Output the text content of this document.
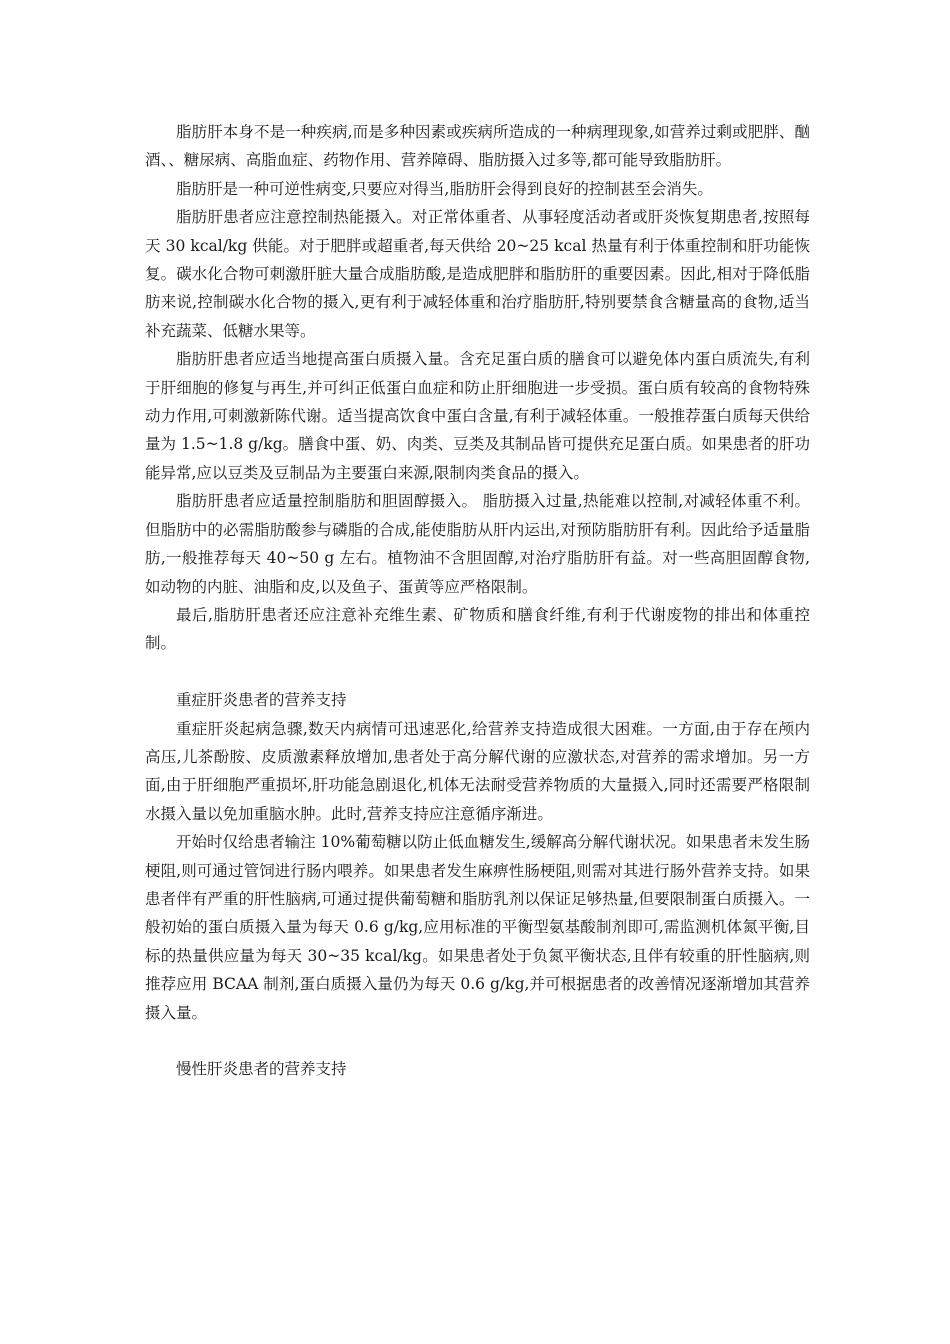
脂肪肝本身不是一种疾病,而是多种因素或疾病所造成的一种病理现象,如营养过剩或肥胖、酗酒、、糖尿病、高脂血症、药物作用、营养障碍、脂肪摄入过多等,都可能导致脂肪肝。

脂肪肝是一种可逆性病变,只要应对得当,脂肪肝会得到良好的控制甚至会消失。

脂肪肝患者应注意控制热能摄入。对正常体重者、从事轻度活动者或肝炎恢复期患者,按照每天 30 kcal/kg 供能。对于肥胖或超重者,每天供给 20~25 kcal 热量有利于体重控制和肝功能恢复。碳水化合物可刺激肝脏大量合成脂肪酸,是造成肥胖和脂肪肝的重要因素。因此,相对于降低脂肪来说,控制碳水化合物的摄入,更有利于减轻体重和治疗脂肪肝,特别要禁食含糖量高的食物,适当补充蔬菜、低糖水果等。

脂肪肝患者应适当地提高蛋白质摄入量。含充足蛋白质的膳食可以避免体内蛋白质流失,有利于肝细胞的修复与再生,并可纠正低蛋白血症和防止肝细胞进一步受损。蛋白质有较高的食物特殊动力作用,可刺激新陈代谢。适当提高饮食中蛋白含量,有利于减轻体重。一般推荐蛋白质每天供给量为 1.5~1.8 g/kg。膳食中蛋、奶、肉类、豆类及其制品皆可提供充足蛋白质。如果患者的肝功能异常,应以豆类及豆制品为主要蛋白来源,限制肉类食品的摄入。

脂肪肝患者应适量控制脂肪和胆固醇摄入。 脂肪摄入过量,热能难以控制,对减轻体重不利。但脂肪中的必需脂肪酸参与磷脂的合成,能使脂肪从肝内运出,对预防脂肪肝有利。因此给予适量脂肪,一般推荐每天 40~50 g 左右。植物油不含胆固醇,对治疗脂肪肝有益。对一些高胆固醇食物,如动物的内脏、油脂和皮,以及鱼子、蛋黄等应严格限制。

最后,脂肪肝患者还应注意补充维生素、矿物质和膳食纤维,有利于代谢废物的排出和体重控制。

重症肝炎患者的营养支持

重症肝炎起病急骤,数天内病情可迅速恶化,给营养支持造成很大困难。一方面,由于存在颅内高压,儿茶酚胺、皮质激素释放增加,患者处于高分解代谢的应激状态,对营养的需求增加。另一方面,由于肝细胞严重损坏,肝功能急剧退化,机体无法耐受营养物质的大量摄入,同时还需要严格限制水摄入量以免加重脑水肿。此时,营养支持应注意循序渐进。

开始时仅给患者输注 10%葡萄糖以防止低血糖发生,缓解高分解代谢状况。如果患者未发生肠梗阻,则可通过管饲进行肠内喂养。如果患者发生麻痹性肠梗阻,则需对其进行肠外营养支持。如果患者伴有严重的肝性脑病,可通过提供葡萄糖和脂肪乳剂以保证足够热量,但要限制蛋白质摄入。一般初始的蛋白质摄入量为每天 0.6 g/kg,应用标准的平衡型氨基酸制剂即可,需监测机体氮平衡,目标的热量供应量为每天 30~35 kcal/kg。如果患者处于负氮平衡状态,且伴有较重的肝性脑病,则推荐应用 BCAA 制剂,蛋白质摄入量仍为每天 0.6 g/kg,并可根据患者的改善情况逐渐增加其营养摄入量。

慢性肝炎患者的营养支持
